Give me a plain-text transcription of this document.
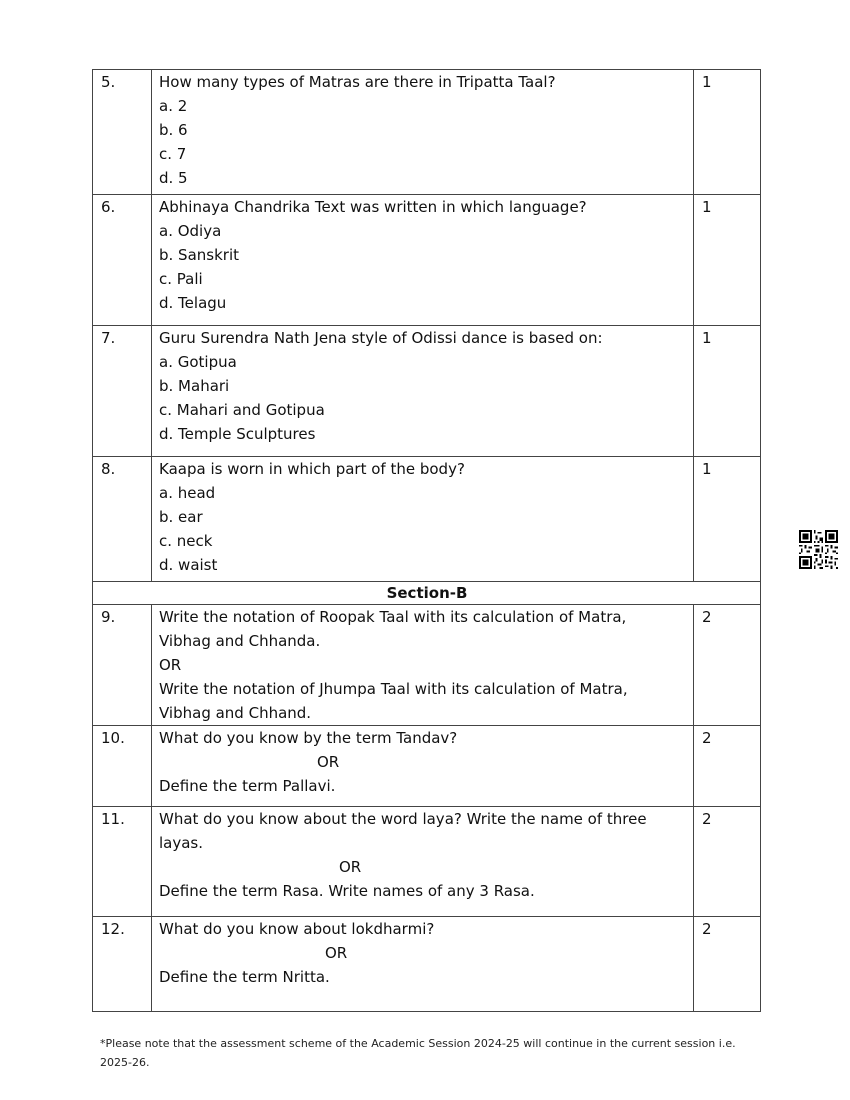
5.	How many types of Matras are there in Tripatta Taal?
a. 2
b. 6
c. 7
d. 5	1
6.	Abhinaya Chandrika Text was written in which language?
a. Odiya
b. Sanskrit
c. Pali
d. Telagu	1
7.	Guru Surendra Nath Jena style of Odissi dance is based on:
a. Gotipua
b. Mahari
c. Mahari and Gotipua
d. Temple Sculptures	1
8.	Kaapa is worn in which part of the body?
a. head
b. ear
c. neck
d. waist	1
Section-B		
9.	Write the notation of Roopak Taal with its calculation of Matra,
Vibhag and Chhanda.
OR
Write the notation of Jhumpa Taal with its calculation of Matra,
Vibhag and Chhand.	2
10.	What do you know by the term Tandav?
OR
Define the term Pallavi.	2
11.	What do you know about the word laya? Write the name of three
layas.
OR
Define the term Rasa. Write names of any 3 Rasa.	2
12.	What do you know about lokdharmi?
OR
Define the term Nritta.	2
*Please note that the assessment scheme of the Academic Session 2024-25 will continue in the current session i.e. 2025-26.
